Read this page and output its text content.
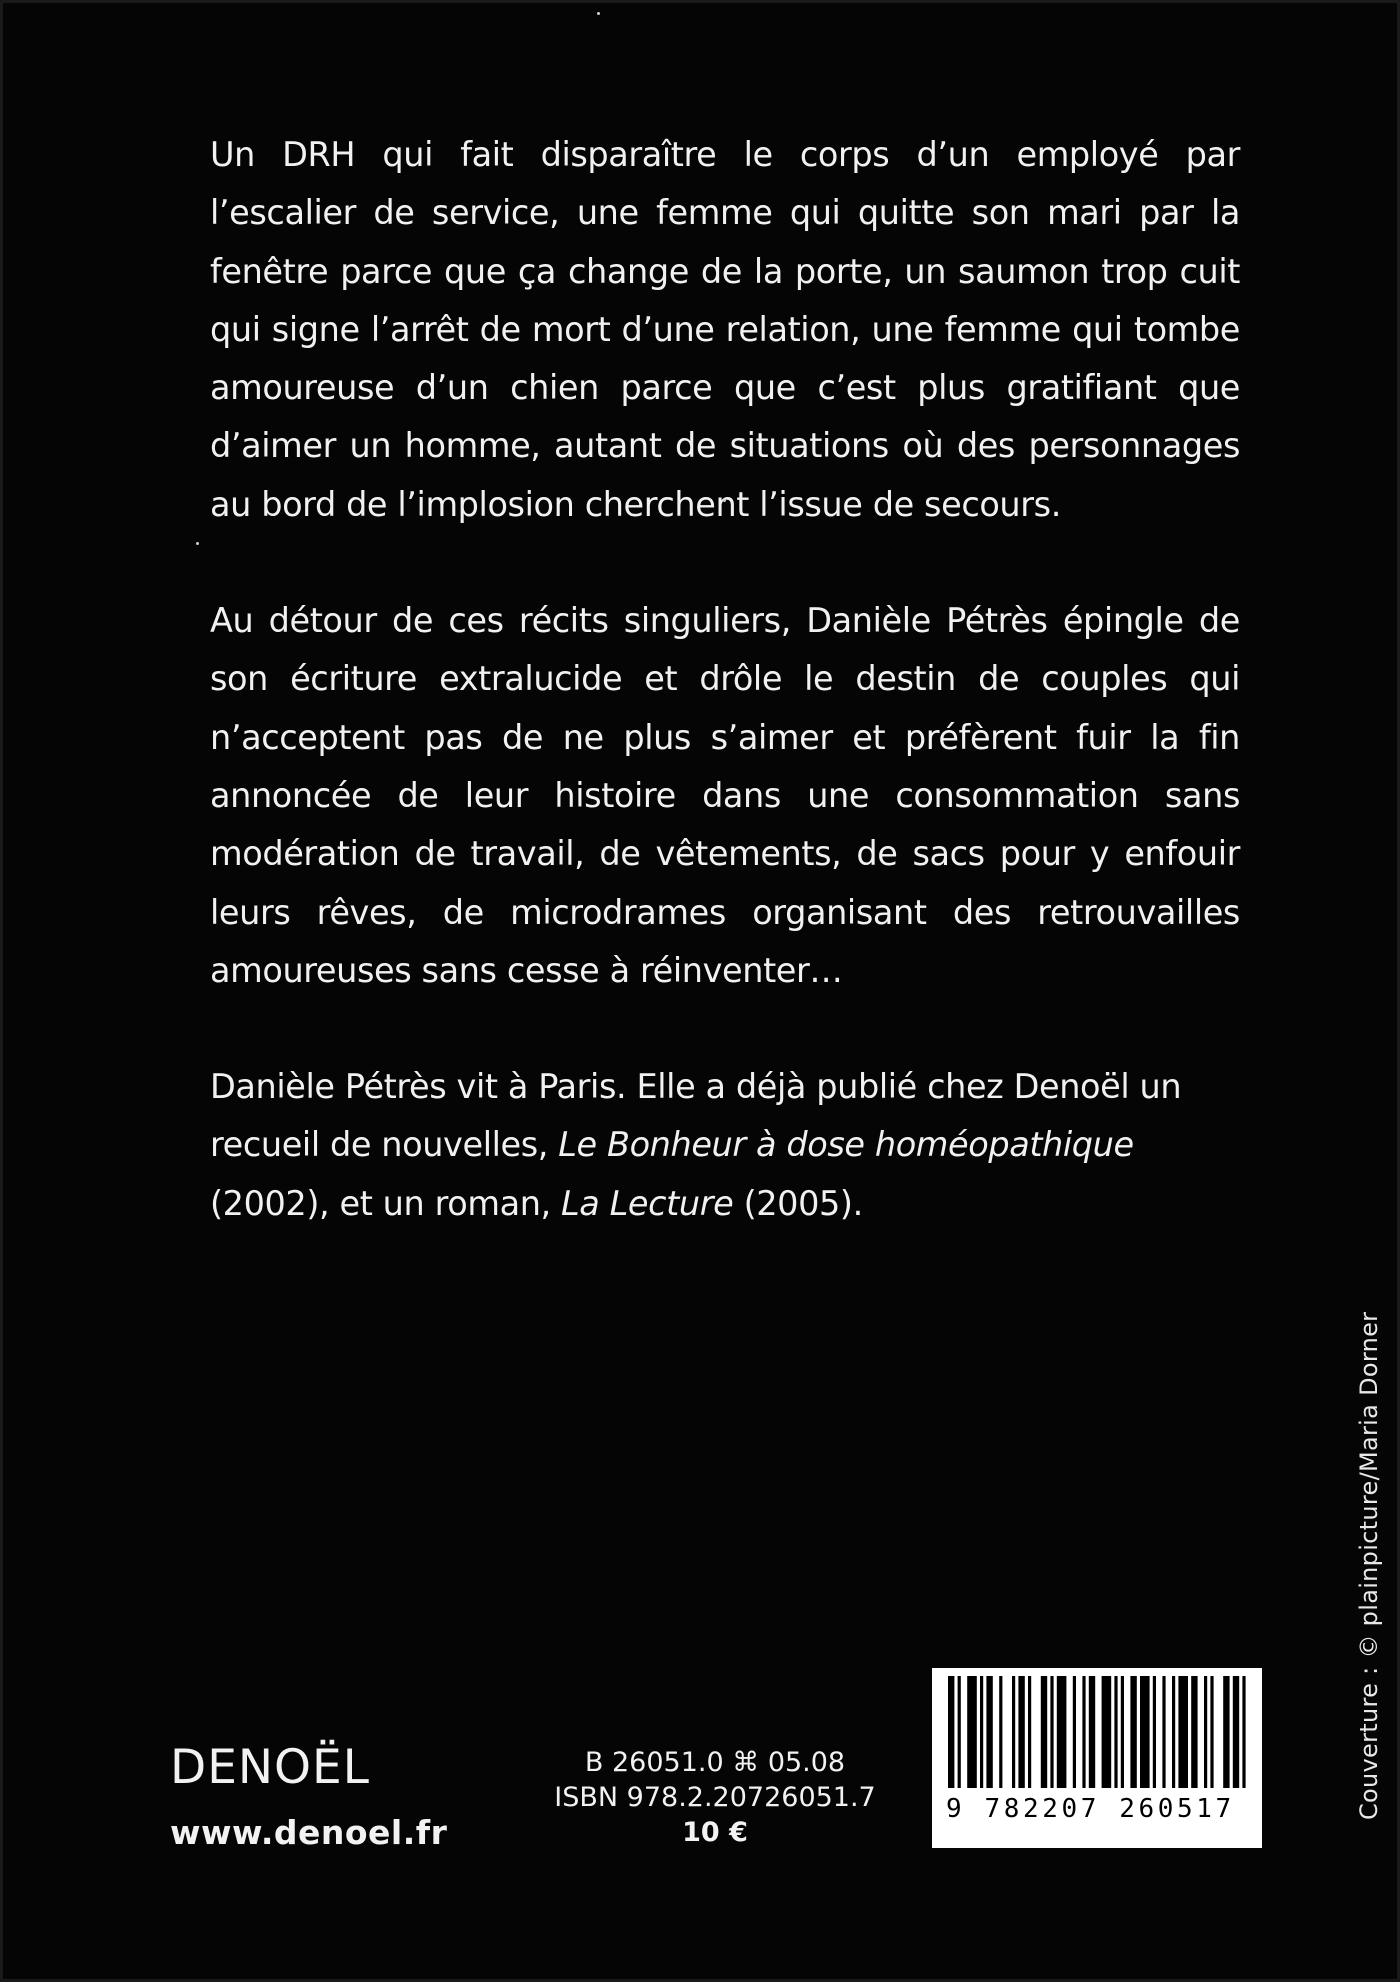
Un DRH qui fait disparaître le corps d’un employé par l’escalier de service, une femme qui quitte son mari par la fenêtre parce que ça change de la porte, un saumon trop cuit qui signe l’arrêt de mort d’une relation, une femme qui tombe amoureuse d’un chien parce que c’est plus gratifiant que d’aimer un homme, autant de situations où des personnages au bord de l’implosion cherchent l’issue de secours.

Au détour de ces récits singuliers, Danièle Pétrès épingle de son écriture extralucide et drôle le destin de couples qui n’acceptent pas de ne plus s’aimer et préfèrent fuir la fin annoncée de leur histoire dans une consommation sans modération de travail, de vêtements, de sacs pour y enfouir leurs rêves, de microdrames organisant des retrouvailles amoureuses sans cesse à réinventer…

Danièle Pétrès vit à Paris. Elle a déjà publié chez Denoël un recueil de nouvelles, Le Bonheur à dose homéopathique (2002), et un roman, La Lecture (2005).

DENOËL
www.denoel.fr
B 26051.0 ⌘ 05.08
ISBN 978.2.20726051.7
10 €
9 782207 260517	Couverture : © plainpicture/Maria Dorner
